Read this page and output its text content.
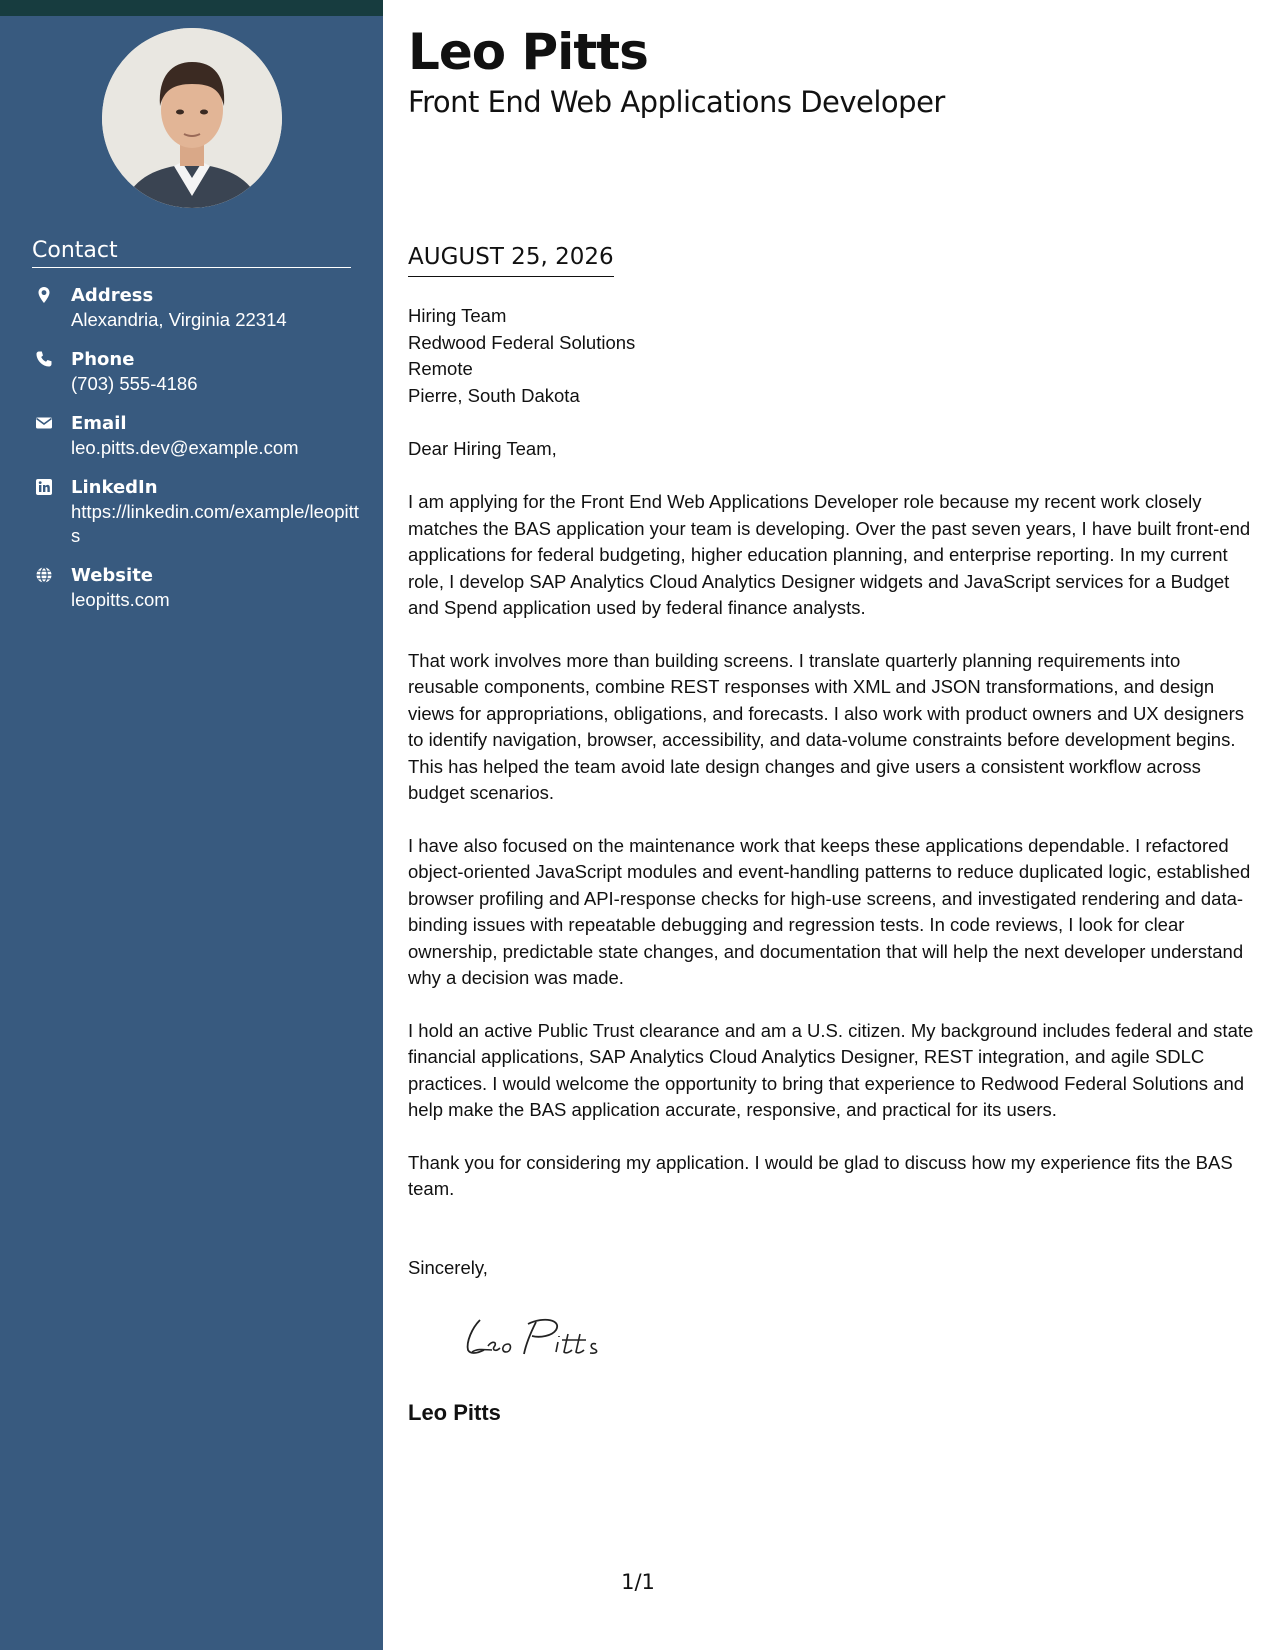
Contact
Address
Alexandria, Virginia 22314
Phone
(703) 555-4186
Email
leo.pitts.dev@example.com
LinkedIn
https://linkedin.com/example/leopitts
Website
leopitts.com
Leo Pitts
Front End Web Applications Developer
AUGUST 25, 2026
Hiring Team
Redwood Federal Solutions
Remote
Pierre, South Dakota
Dear Hiring Team,

I am applying for the Front End Web Applications Developer role because my recent work closely matches the BAS application your team is developing. Over the past seven years, I have built front-end applications for federal budgeting, higher education planning, and enterprise reporting. In my current role, I develop SAP Analytics Cloud Analytics Designer widgets and JavaScript services for a Budget and Spend application used by federal finance analysts.

That work involves more than building screens. I translate quarterly planning requirements into reusable components, combine REST responses with XML and JSON transformations, and design views for appropriations, obligations, and forecasts. I also work with product owners and UX designers to identify navigation, browser, accessibility, and data-volume constraints before development begins. This has helped the team avoid late design changes and give users a consistent workflow across budget scenarios.

I have also focused on the maintenance work that keeps these applications dependable. I refactored object-oriented JavaScript modules and event-handling patterns to reduce duplicated logic, established browser profiling and API-response checks for high-use screens, and investigated rendering and data-binding issues with repeatable debugging and regression tests. In code reviews, I look for clear ownership, predictable state changes, and documentation that will help the next developer understand why a decision was made.

I hold an active Public Trust clearance and am a U.S. citizen. My background includes federal and state financial applications, SAP Analytics Cloud Analytics Designer, REST integration, and agile SDLC practices. I would welcome the opportunity to bring that experience to Redwood Federal Solutions and help make the BAS application accurate, responsive, and practical for its users.

Thank you for considering my application. I would be glad to discuss how my experience fits the BAS team.

Sincerely,
Leo Pitts
1/1
